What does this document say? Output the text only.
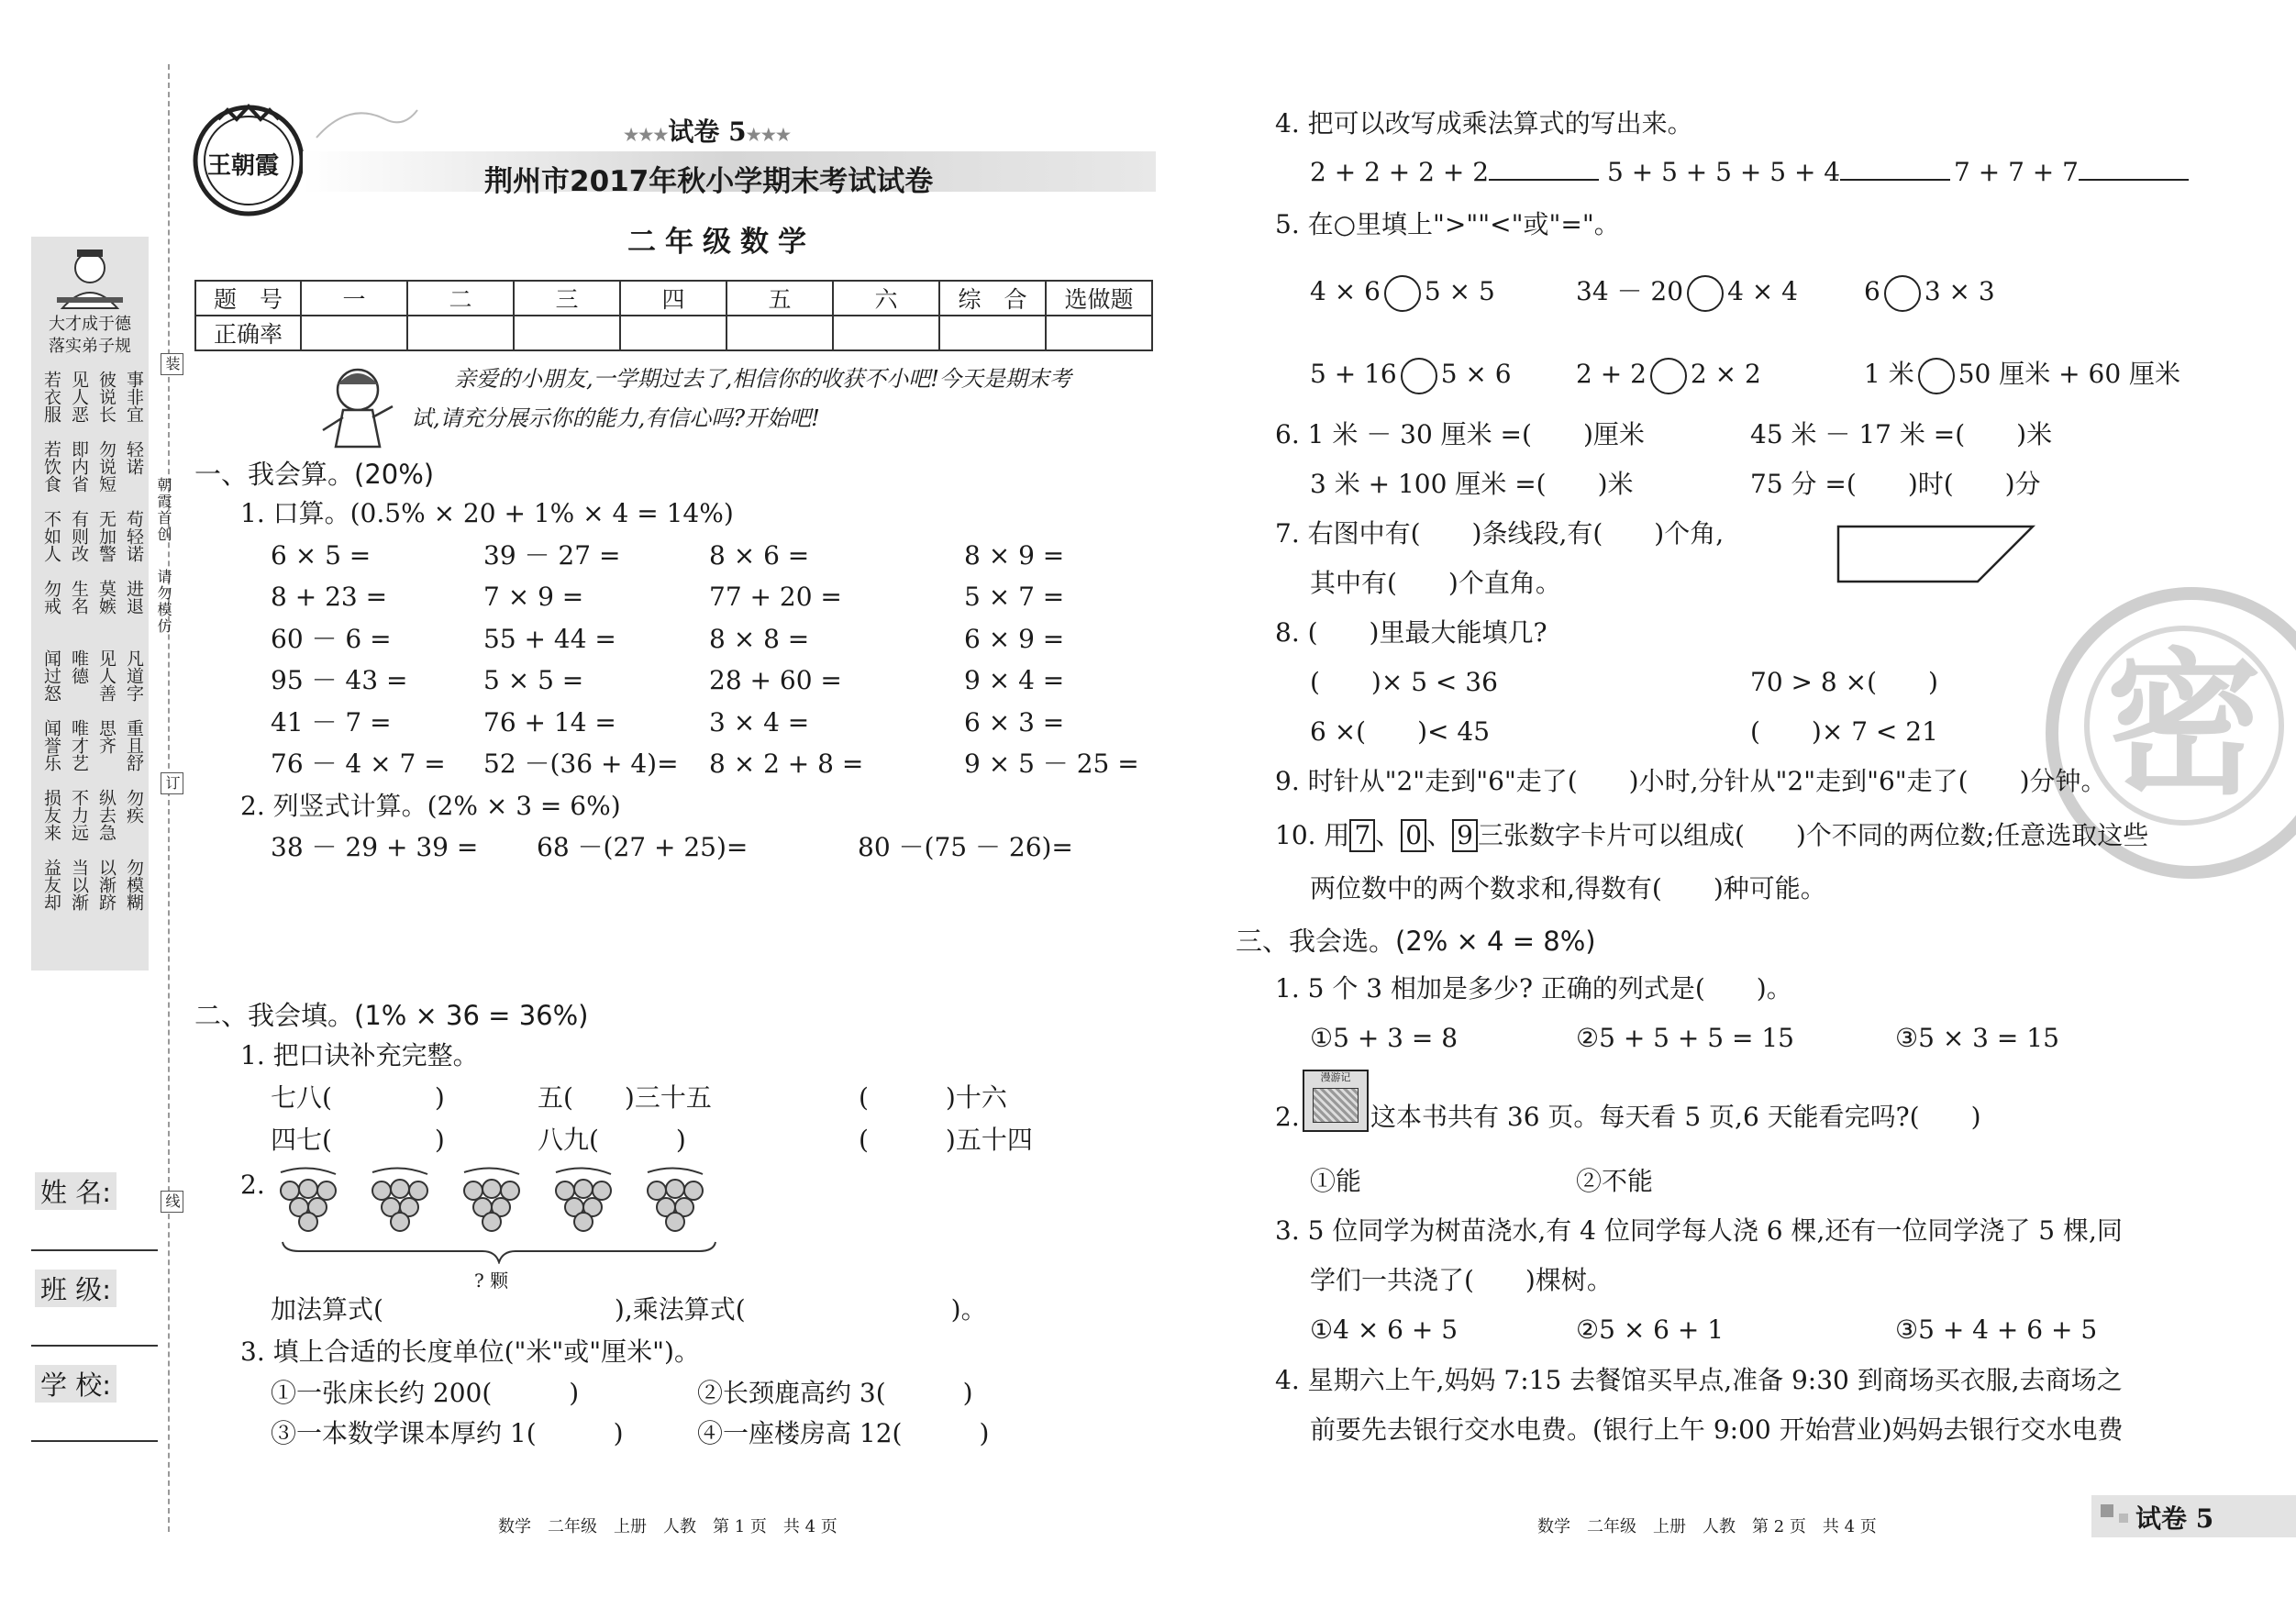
大才成于德
落实弟子规
若衣服 见人恶 彼说长 事非宜
若饮食 即内省 勿说短 轻诺
不如人 有则改 无加警 苟轻诺
勿戒 生名 莫嫉 进退
闻过怒 唯德 见人善 凡道字
闻誉乐 唯才艺 思齐 重且舒
损友来 不力远 纵去急 勿疾
益友却 当以渐 以渐跻 勿模糊
朝霞首创
请勿模仿
装
订
线
姓 名:
班 级:
学 校:
王朝霞
★★★试卷 5★★★
荆州市2017年秋小学期末考试试卷
二年级数学
题　号	一	二	三	四	五	六	综　合	选做题
正确率								
亲爱的小朋友,一学期过去了,相信你的收获不小吧!今天是期末考
试,请充分展示你的能力,有信心吗?开始吧!
一、我会算。(20%)
1. 口算。(0.5% × 20 + 1% × 4 = 14%)
6 × 5 =	39 － 27 =	8 × 6 =	8 × 9 =
8 + 23 =	7 × 9 =	77 + 20 =	5 × 7 =
60 － 6 =	55 + 44 =	8 × 8 =	6 × 9 =
95 － 43 =	5 × 5 =	28 + 60 =	9 × 4 =
41 － 7 =	76 + 14 =	3 × 4 =	6 × 3 =
76 － 4 × 7 = 52 －(36 + 4)= 8 × 2 + 8 =	9 × 5 － 25 =
2. 列竖式计算。(2% × 3 = 6%)
38 － 29 + 39 = 68 －(27 + 25)=	80 －(75 － 26)=
二、我会填。(1% × 36 = 36%)
1. 把口诀补充完整。
七八(　　　　)	五(　　)三十五	(　　　)十六
四七(　　　　)	八九(　　　)	(　　　)五十四
2.
? 颗
加法算式(　　　　　　　　　),乘法算式(　　　　　　　　)。
3. 填上合适的长度单位("米"或"厘米")。
①一张床长约 200(　　　)	②长颈鹿高约 3(　　　)
③一本数学课本厚约 1(　　　)	④一座楼房高 12(　　　)
数学　二年级　上册　人教　第 1 页　共 4 页
密
4. 把可以改写成乘法算式的写出来。
2 + 2 + 2 + 2	5 + 5 + 5 + 5 + 4	7 + 7 + 7
5. 在○里填上">""<"或"="。
4 × 6 5 × 5	34 － 20 4 × 4	6 3 × 3
5 + 16 5 × 6	2 + 2 2 × 2	1 米 50 厘米 + 60 厘米
6. 1 米 － 30 厘米 =(　　)厘米	45 米 － 17 米 =(　　)米
3 米 + 100 厘米 =(　　)米	75 分 =(　　)时(　　)分
7. 右图中有(　　)条线段,有(　　)个角,
其中有(　　)个直角。
8. (　　)里最大能填几?
(　　)× 5 < 36	70 > 8 ×(　　)
6 ×(　　)< 45	(　　)× 7 < 21
9. 时针从"2"走到"6"走了(　　)小时,分针从"2"走到"6"走了(　　)分钟。
10. 用 7 、 0 、 9 三张数字卡片可以组成(　　)个不同的两位数;任意选取这些
两位数中的两个数求和,得数有(　　)种可能。
三、我会选。(2% × 4 = 8%)
1. 5 个 3 相加是多少? 正确的列式是(　　)。
①5 + 3 = 8	②5 + 5 + 5 = 15	③5 × 3 = 15
2.
漫游记
这本书共有 36 页。每天看 5 页,6 天能看完吗?(　　)
①能	②不能
3. 5 位同学为树苗浇水,有 4 位同学每人浇 6 棵,还有一位同学浇了 5 棵,同
学们一共浇了(　　)棵树。
①4 × 6 + 5	②5 × 6 + 1	③5 + 4 + 6 + 5
4. 星期六上午,妈妈 7:15 去餐馆买早点,准备 9:30 到商场买衣服,去商场之
前要先去银行交水电费。(银行上午 9:00 开始营业)妈妈去银行交水电费
数学　二年级　上册　人教　第 2 页　共 4 页	试卷 5
